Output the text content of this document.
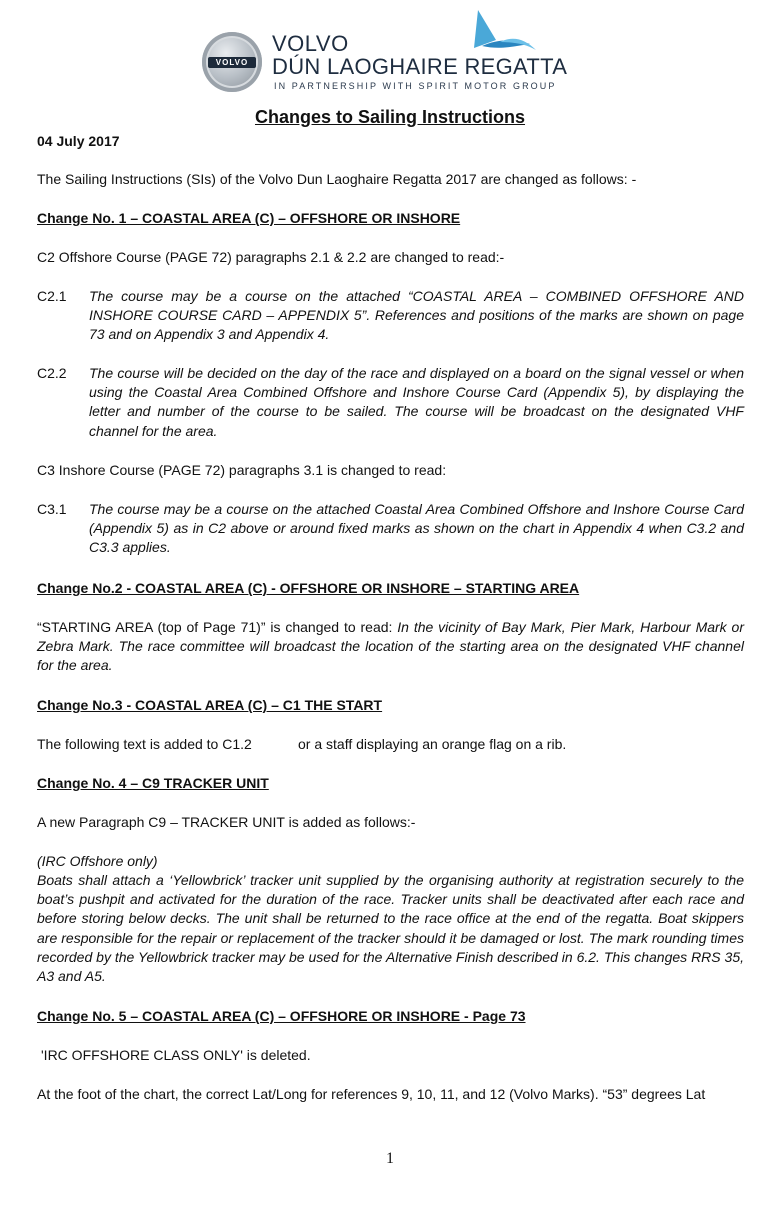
VOLVO
VOLVO
DÚN LAOGHAIRE REGATTA
IN PARTNERSHIP WITH SPIRIT MOTOR GROUP
Changes to Sailing Instructions

04 July 2017

The Sailing Instructions (SIs) of the Volvo Dun Laoghaire Regatta 2017 are changed as follows: -

Change No. 1 – COASTAL AREA (C) – OFFSHORE OR INSHORE

C2 Offshore Course (PAGE 72) paragraphs 2.1 & 2.2 are changed to read:-

C2.1 The course may be a course on the attached “COASTAL AREA – COMBINED OFFSHORE AND INSHORE COURSE CARD – APPENDIX 5”. References and positions of the marks are shown on page 73 and on Appendix 3 and Appendix 4.

C2.2 The course will be decided on the day of the race and displayed on a board on the signal vessel or when using the Coastal Area Combined Offshore and Inshore Course Card (Appendix 5), by displaying the letter and number of the course to be sailed. The course will be broadcast on the designated VHF channel for the area.

C3 Inshore Course (PAGE 72) paragraphs 3.1 is changed to read:

C3.1 The course may be a course on the attached Coastal Area Combined Offshore and Inshore Course Card (Appendix 5) as in C2 above or around fixed marks as shown on the chart in Appendix 4 when C3.2 and C3.3 applies.

Change No.2 - COASTAL AREA (C) - OFFSHORE OR INSHORE – STARTING AREA

“STARTING AREA (top of Page 71)” is changed to read: In the vicinity of Bay Mark, Pier Mark, Harbour Mark or Zebra Mark. The race committee will broadcast the location of the starting area on the designated VHF channel for the area.

Change No.3 - COASTAL AREA (C) – C1 THE START

The following text is added to C1.2	or a staff displaying an orange flag on a rib.

Change No. 4 – C9 TRACKER UNIT

A new Paragraph C9 – TRACKER UNIT is added as follows:-

(IRC Offshore only)

Boats shall attach a ‘Yellowbrick’ tracker unit supplied by the organising authority at registration securely to the boat’s pushpit and activated for the duration of the race. Tracker units shall be deactivated after each race and before storing below decks. The unit shall be returned to the race office at the end of the regatta. Boat skippers are responsible for the repair or replacement of the tracker should it be damaged or lost. The mark rounding times recorded by the Yellowbrick tracker may be used for the Alternative Finish described in 6.2. This changes RRS 35, A3 and A5.

Change No. 5 – COASTAL AREA (C) – OFFSHORE OR INSHORE - Page 73

'IRC OFFSHORE CLASS ONLY' is deleted.

At the foot of the chart, the correct Lat/Long for references 9, 10, 11, and 12 (Volvo Marks). “53” degrees Lat

1
